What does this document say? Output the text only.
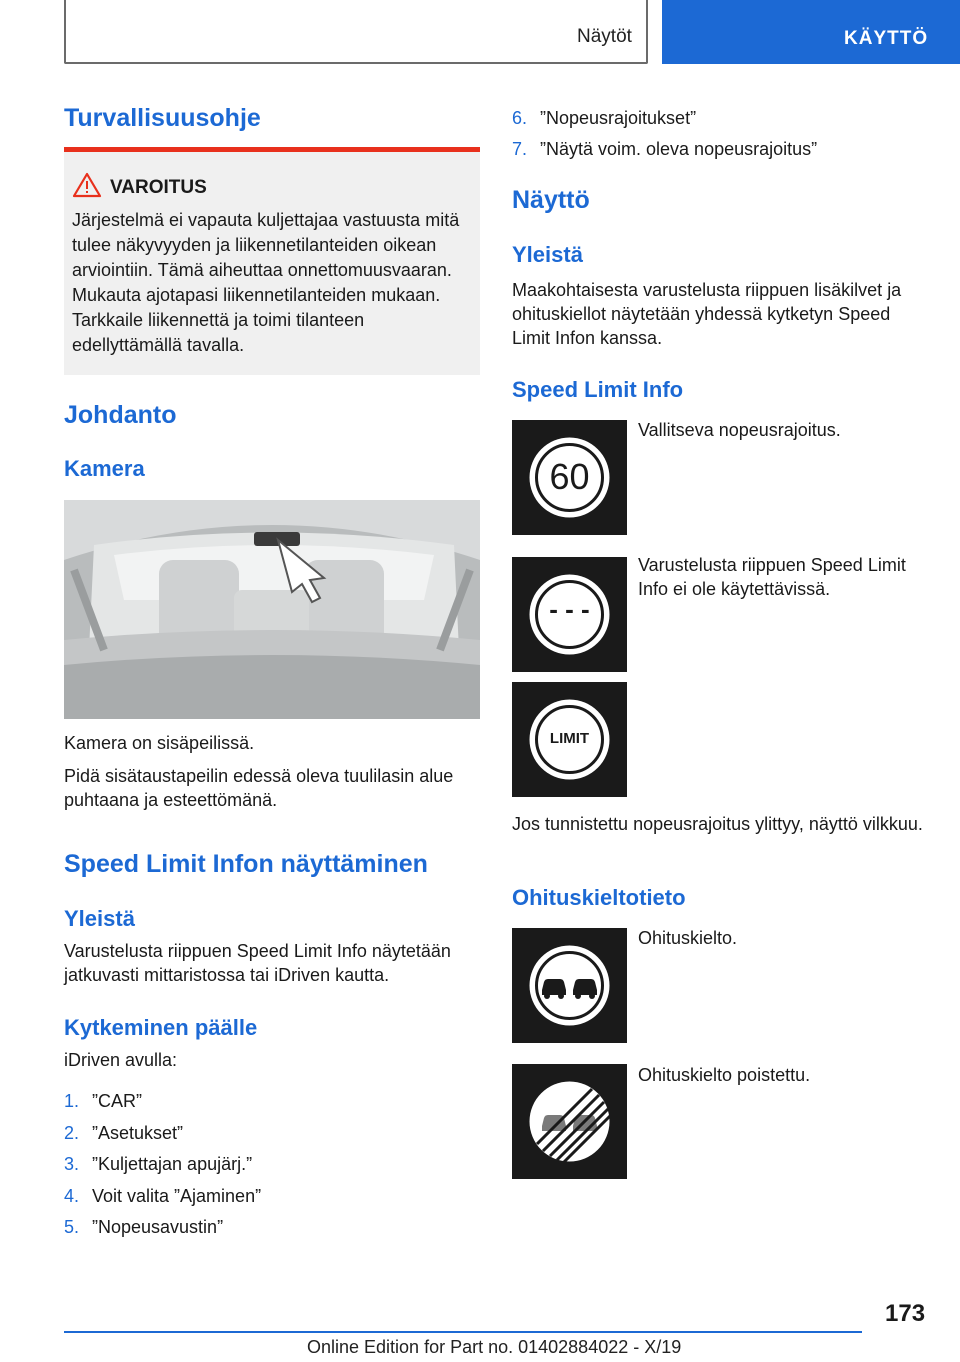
Näytöt	KÄYTTÖ
Turvallisuusohje
VAROITUS
Järjestelmä ei vapauta kuljettajaa vastuusta mitä tulee näkyvyyden ja liikennetilanteiden oikean arviointiin. Tämä aiheuttaa onnettomuusvaaran. Mukauta ajotapasi liikennetilanteiden mukaan. Tarkkaile liikennettä ja toimi tilanteen edellyttämällä tavalla.
Johdanto
Kamera

Kamera on sisäpeilissä.

Pidä sisätaustapeilin edessä oleva tuulilasin alue puhtaana ja esteettömänä.

Speed Limit Infon näyttäminen
Yleistä

Varustelusta riippuen Speed Limit Info näytetään jatkuvasti mittaristossa tai iDriven kautta.

Kytkeminen päälle

iDriven avulla:

1. ”CAR”
2. ”Asetukset”
3. ”Kuljettajan apujärj.”
4. Voit valita ”Ajaminen”
5. ”Nopeusavustin”
6. ”Nopeusrajoitukset”
7. ”Näytä voim. oleva nopeusrajoitus”
Näyttö
Yleistä

Maakohtaisesta varustelusta riippuen lisäkilvet ja ohituskiellot näytetään yhdessä kytketyn Speed Limit Infon kanssa.

Speed Limit Info
60

Vallitseva nopeusrajoitus.

- - -

Varustelusta riippuen Speed Limit Info ei ole käytettävissä.

LIMIT

Jos tunnistettu nopeusrajoitus ylittyy, näyttö vilkkuu.

Ohituskieltotieto

Ohituskielto.

Ohituskielto poistettu.

173
Online Edition for Part no. 01402884022 - X/19
